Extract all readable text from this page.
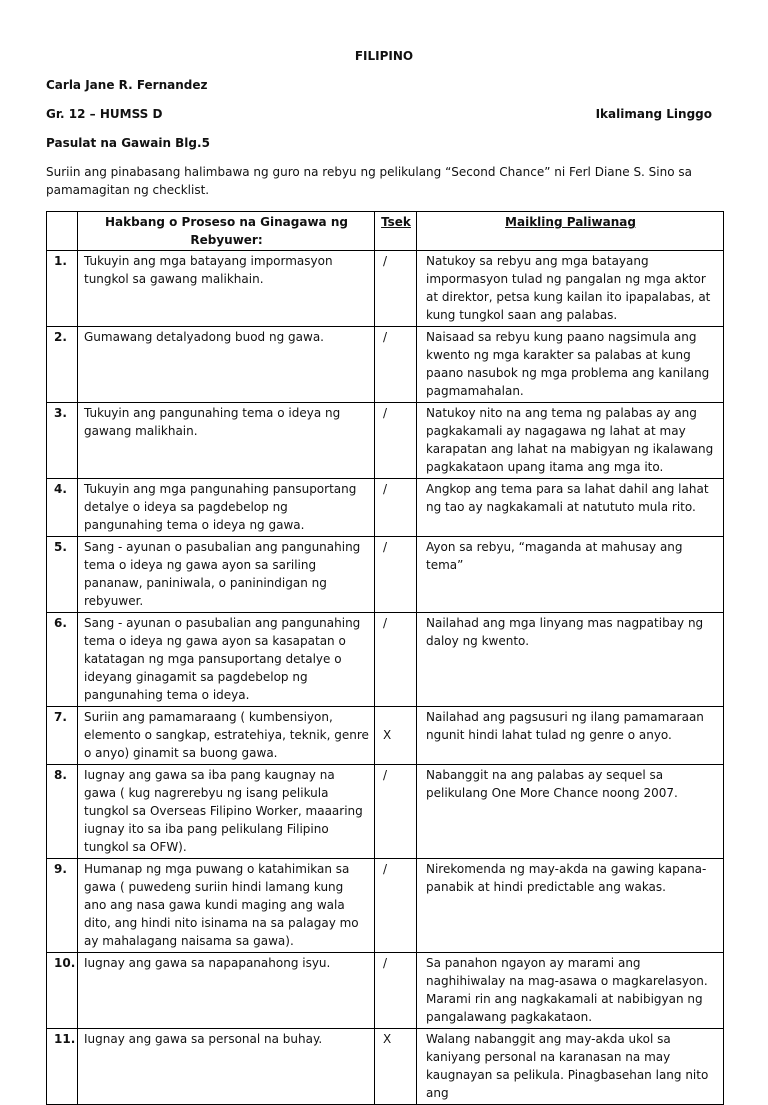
FILIPINO
Carla Jane R. Fernandez
Gr. 12 – HUMSS D	Ikalimang Linggo
Pasulat na Gawain Blg.5
Suriin ang pinabasang halimbawa ng guro na rebyu ng pelikulang “Second Chance” ni Ferl Diane S. Sino sa pamamagitan ng checklist.
	Hakbang o Proseso na Ginagawa ng Rebyuwer:	Tsek	Maikling Paliwanag
1.	Tukuyin ang mga batayang impormasyon tungkol sa gawang malikhain.	/	Natukoy sa rebyu ang mga batayang impormasyon tulad ng pangalan ng mga aktor at direktor, petsa kung kailan ito ipapalabas, at kung tungkol saan ang palabas.
2.	Gumawang detalyadong buod ng gawa.	/	Naisaad sa rebyu kung paano nagsimula ang kwento ng mga karakter sa palabas at kung paano nasubok ng mga problema ang kanilang pagmamahalan.
3.	Tukuyin ang pangunahing tema o ideya ng gawang malikhain.	/	Natukoy nito na ang tema ng palabas ay ang pagkakamali ay nagagawa ng lahat at may karapatan ang lahat na mabigyan ng ikalawang pagkakataon upang itama ang mga ito.
4.	Tukuyin ang mga pangunahing pansuportang detalye o ideya sa pagdebelop ng pangunahing tema o ideya ng gawa.	/	Angkop ang tema para sa lahat dahil ang lahat ng tao ay nagkakamali at natututo mula rito.
5.	Sang - ayunan o pasubalian ang pangunahing tema o ideya ng gawa ayon sa sariling pananaw, paniniwala, o paninindigan ng rebyuwer.	/	Ayon sa rebyu, “maganda at mahusay ang tema”
6.	Sang - ayunan o pasubalian ang pangunahing tema o ideya ng gawa ayon sa kasapatan o katatagan ng mga pansuportang detalye o ideyang ginagamit sa pagdebelop ng pangunahing tema o ideya.	/	Nailahad ang mga linyang mas nagpatibay ng daloy ng kwento.
7.	Suriin ang pamamaraang ( kumbensiyon, elemento o sangkap, estratehiya, teknik, genre o anyo) ginamit sa buong gawa.	X	Nailahad ang pagsusuri ng ilang pamamaraan ngunit hindi lahat tulad ng genre o anyo.
8.	Iugnay ang gawa sa iba pang kaugnay na gawa ( kug nagrerebyu ng isang pelikula tungkol sa Overseas Filipino Worker, maaaring iugnay ito sa iba pang pelikulang Filipino tungkol sa OFW).	/	Nabanggit na ang palabas ay sequel sa pelikulang One More Chance noong 2007.
9.	Humanap ng mga puwang o katahimikan sa gawa ( puwedeng suriin hindi lamang kung ano ang nasa gawa kundi maging ang wala dito, ang hindi nito isinama na sa palagay mo ay mahalagang naisama sa gawa).	/	Nirekomenda ng may-akda na gawing kapana-panabik at hindi predictable ang wakas.
10.	Iugnay ang gawa sa napapanahong isyu.	/	Sa panahon ngayon ay marami ang naghihiwalay na mag-asawa o magkarelasyon. Marami rin ang nagkakamali at nabibigyan ng pangalawang pagkakataon.
11.	Iugnay ang gawa sa personal na buhay.	X	Walang nabanggit ang may-akda ukol sa kaniyang personal na karanasan na may kaugnayan sa pelikula. Pinagbasehan lang nito ang
